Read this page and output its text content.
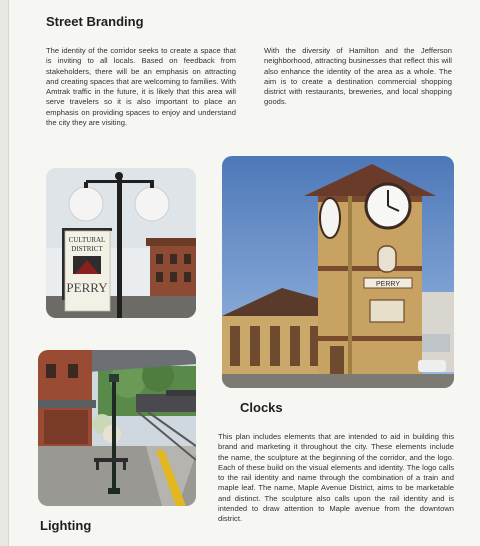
Street Branding

The identity of the corridor seeks to create a space that is inviting to all locals. Based on feedback from stakeholders, there will be an emphasis on attracting and creating spaces that are welcoming to families. With Amtrak traffic in the future, it is likely that this area will serve travelers so it is also important to place an emphasis on providing spaces to enjoy and understand the city they are visiting.

With the diversity of Hamilton and the Jefferson neighborhood, attracting businesses that reflect this will also enhance the identity of the area as a whole. The aim is to create a destination commercial shopping district with restaurants, breweries, and local shopping goods.

CULTURAL
DISTRICT
PERRY	PERRY
Clocks

This plan includes elements that are intended to aid in building this brand and marketing it throughout the city. These elements include the name, the sculpture at the beginning of the corridor, and the logo. Each of these build on the visual elements and identity. The logo calls to the rail identity and name through the combination of a train and maple leaf. The name, Maple Avenue District, aims to be marketable and distinct. The sculpture also calls upon the rail identity and is intended to draw attention to Maple avenue from the downtown district.

Lighting
